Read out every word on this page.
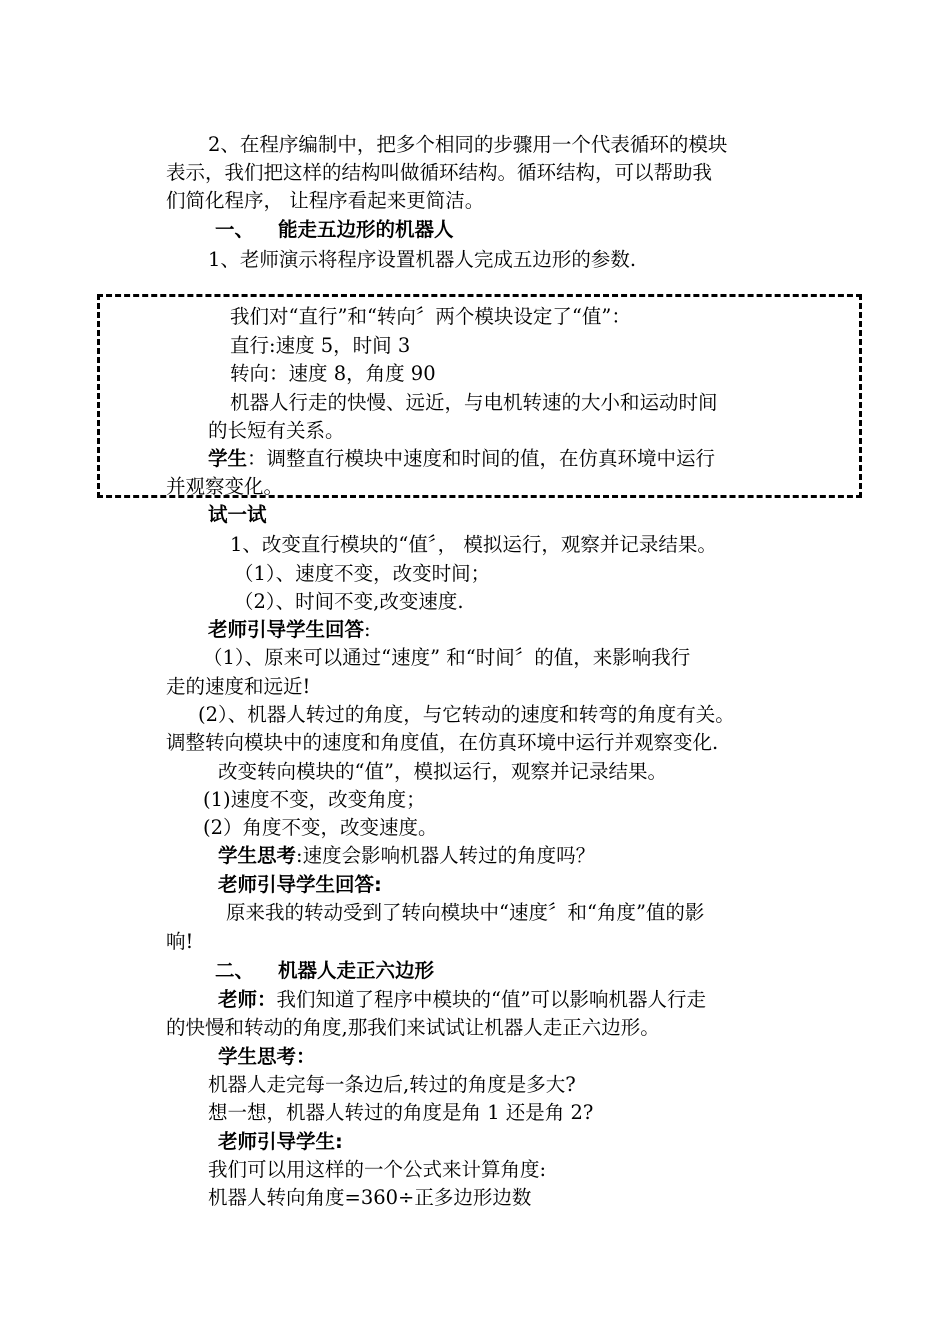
2、在程序编制中，把多个相同的步骤用一个代表循环的模块
表示，我们把这样的结构叫做循环结构。循环结构，可以帮助我
们简化程序， 让程序看起来更简洁。
一、 能走五边形的机器人
1、老师演示将程序设置机器人完成五边形的参数.
我们对“直行”和“转向〞两个模块设定了“值”：
直行:速度 5，时间 3
转向：速度 8，角度 90
机器人行走的快慢、远近，与电机转速的大小和运动时间
的长短有关系。
学生：调整直行模块中速度和时间的值，在仿真环境中运行
并观察变化。
试一试
1、改变直行模块的“值〞， 模拟运行，观察并记录结果。
（1）、速度不变，改变时间；
（2）、时间不变,改变速度.
老师引导学生回答:
（1）、原来可以通过“速度” 和“时间〞的值，来影响我行
走的速度和远近!
(2）、机器人转过的角度，与它转动的速度和转弯的角度有关。
调整转向模块中的速度和角度值，在仿真环境中运行并观察变化.
改变转向模块的“值”，模拟运行，观察并记录结果。
(1)速度不变，改变角度；
(2）角度不变，改变速度。
学生思考:速度会影响机器人转过的角度吗？
老师引导学生回答:
原来我的转动受到了转向模块中“速度〞和“角度”值的影
响!
二、 机器人走正六边形
老师：我们知道了程序中模块的“值”可以影响机器人行走
的快慢和转动的角度,那我们来试试让机器人走正六边形。
学生思考：
机器人走完每一条边后,转过的角度是多大?
想一想，机器人转过的角度是角 1 还是角 2?
老师引导学生:
我们可以用这样的一个公式来计算角度:
机器人转向角度=360÷正多边形边数
